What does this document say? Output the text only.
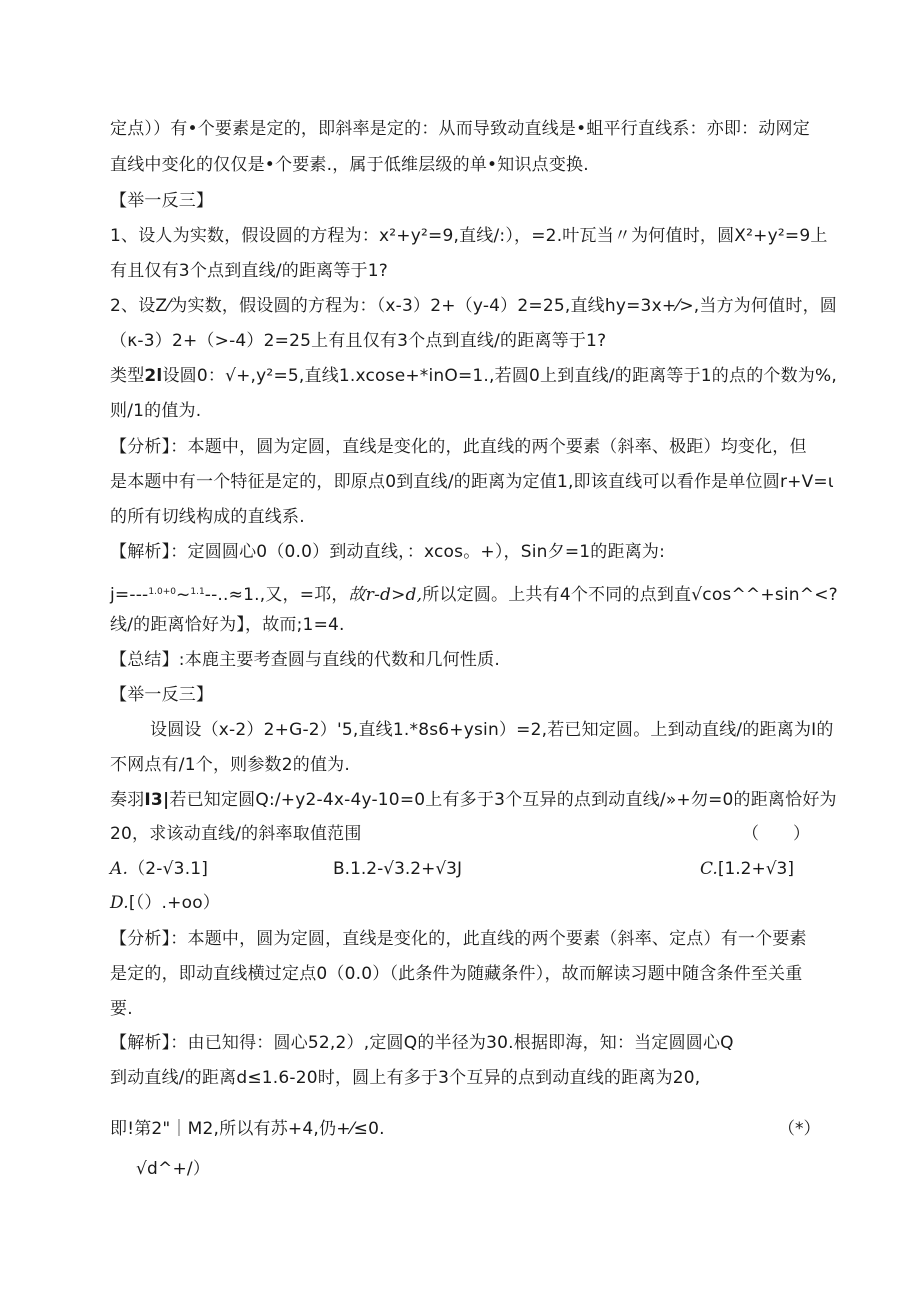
定点））有•个要素是定的，即斜率是定的：从而导致动直线是•蛆平行直线系：亦即：动网定
直线中变化的仅仅是•个要素.，属于低维层级的单•知识点变换.
【举一反三】
1、设人为实数，假设圆的方程为：x²+y²=9,直线/:），=2.叶瓦当〃为何值时，圆X²+y²=9上
有且仅有3个点到直线/的距离等于1?
2、设Z⁄为实数，假设圆的方程为：（x-3）2+（y-4）2=25,直线hy=3x+⁄>,当方为何值时，圆
（κ-3）2+（>-4）2=25上有且仅有3个点到直线/的距离等于1?
类型2l设圆0：√+,y²=5,直线1.xcose+*inO=1.,若圆0上到直线/的距离等于1的点的个数为%,
则/1的值为.
【分析】：本题中，圆为定圆，直线是变化的，此直线的两个要素（斜率、极距）均变化，但
是本题中有一个特征是定的，即原点0到直线/的距离为定值1,即该直线可以看作是单位圆r+V=ι
的所有切线构成的直线系.
【解析】：定圆圆心0（0.0）到动直线，：xcos。+），Sin夕=1的距离为:
j=---$^{1.0+0}$~$^{1.1}$--..≈1.,又，=邛，故r-d>d,所以定圆。上共有4个不同的点到直√cos^^+sin^<?
线/的距离恰好为】，故而;1=4.
【总结】:本鹿主要考查圆与直线的代数和几何性质.
【举一反三】
设圆设（x-2）2+G-2）'5,直线1.*8s6+ysin）=2,若已知定圆。上到动直线/的距离为I的
不网点有/1个，则参数2的值为.
奏羽I3|若已知定圆Q:/+y2-4x-4y-10=0上有多于3个互异的点到动直线/»+勿=0的距离恰好为
20，求该动直线/的斜率取值范围	（　　）
A.（2-√3.1]	B.1.2-√3.2+√3J	C.[1.2+√3]
D.[（）.+oo）
【分析】：本题中，圆为定圆，直线是变化的，此直线的两个要素（斜率、定点）有一个要素
是定的，即动直线横过定点0（0.0）（此条件为随藏条件），故而解读习题中随含条件至关重
要.
【解析】：由已知得：圆心52,2）,定圆Q的半径为30.根据即海，知：当定圆圆心Q
到动直线/的距离d≤1.6-20时，圆上有多于3个互异的点到动直线的距离为20,
即!第2"｜M2,所以有苏+4,仍+⁄≤0.	（*）
√d^+/）
